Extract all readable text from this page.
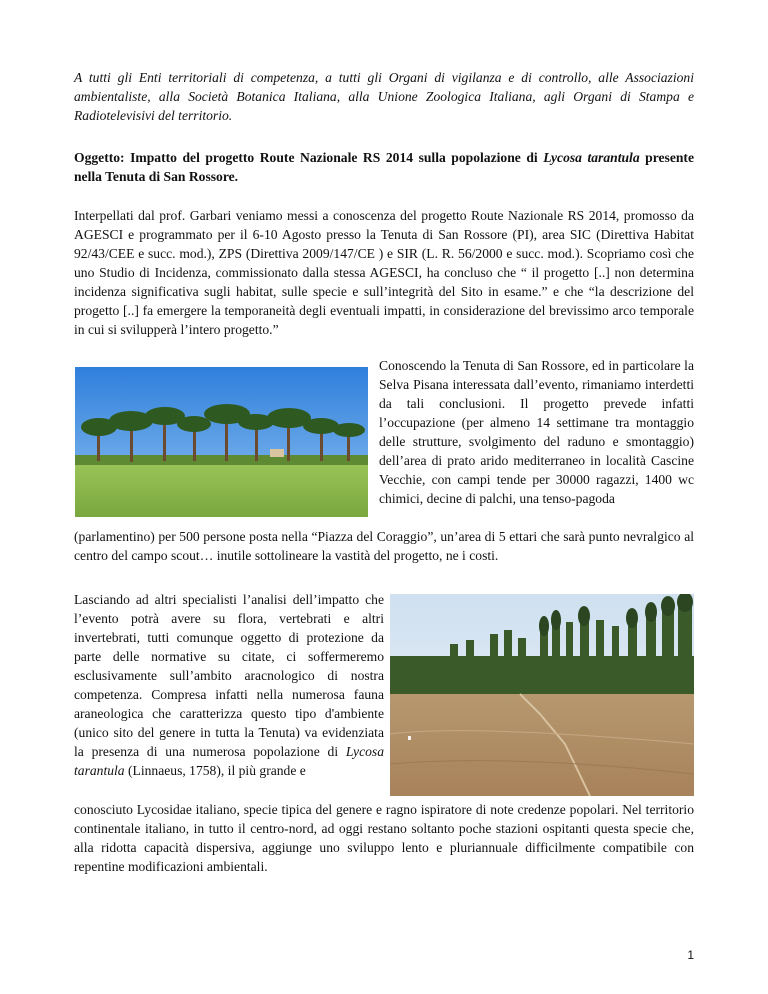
A tutti gli Enti territoriali di competenza, a tutti gli Organi di vigilanza e di controllo, alle Associazioni ambientaliste, alla Società Botanica Italiana, alla Unione Zoologica Italiana, agli Organi di Stampa e Radiotelevisivi del territorio.

Oggetto: Impatto del progetto Route Nazionale RS 2014 sulla popolazione di Lycosa tarantula presente nella Tenuta di San Rossore.

Interpellati dal prof. Garbari veniamo messi a conoscenza del progetto Route Nazionale RS 2014, promosso da AGESCI e programmato per il 6-10 Agosto presso la Tenuta di San Rossore (PI), area SIC (Direttiva Habitat 92/43/CEE e succ. mod.), ZPS (Direttiva 2009/147/CE ) e SIR (L. R. 56/2000 e succ. mod.). Scopriamo così che uno Studio di Incidenza, commissionato dalla stessa AGESCI, ha concluso che “ il progetto [..] non determina incidenza significativa sugli habitat, sulle specie e sull’integrità del Sito in esame.” e che “la descrizione del progetto [..] fa emergere la temporaneità degli eventuali impatti, in considerazione del brevissimo arco temporale in cui si svilupperà l’intero progetto.”

Conoscendo la Tenuta di San Rossore, ed in particolare la Selva Pisana interessata dall’evento, rimaniamo interdetti da tali conclusioni. Il progetto prevede infatti l’occupazione (per almeno 14 settimane tra montaggio delle strutture, svolgimento del raduno e smontaggio) dell’area di prato arido mediterraneo in località Cascine Vecchie, con campi tende per 30000 ragazzi, 1400 wc chimici, decine di palchi, una tenso-pagoda

(parlamentino) per 500 persone posta nella “Piazza del Coraggio”, un’area di 5 ettari che sarà punto nevralgico al centro del campo scout… inutile sottolineare la vastità del progetto, ne i costi.

Lasciando ad altri specialisti l’analisi dell’impatto che l’evento potrà avere su flora, vertebrati e altri invertebrati, tutti comunque oggetto di protezione da parte delle normative su citate, ci soffermeremo esclusivamente sull’ambito aracnologico di nostra competenza. Compresa infatti nella numerosa fauna araneologica che caratterizza questo tipo d'ambiente (unico sito del genere in tutta la Tenuta) va evidenziata la presenza di una numerosa popolazione di Lycosa tarantula (Linnaeus, 1758), il più grande e

conosciuto Lycosidae italiano, specie tipica del genere e ragno ispiratore di note credenze popolari. Nel territorio continentale italiano, in tutto il centro-nord, ad oggi restano soltanto poche stazioni ospitanti questa specie che, alla ridotta capacità dispersiva, aggiunge uno sviluppo lento e pluriannuale difficilmente compatibile con repentine modificazioni ambientali.

1
